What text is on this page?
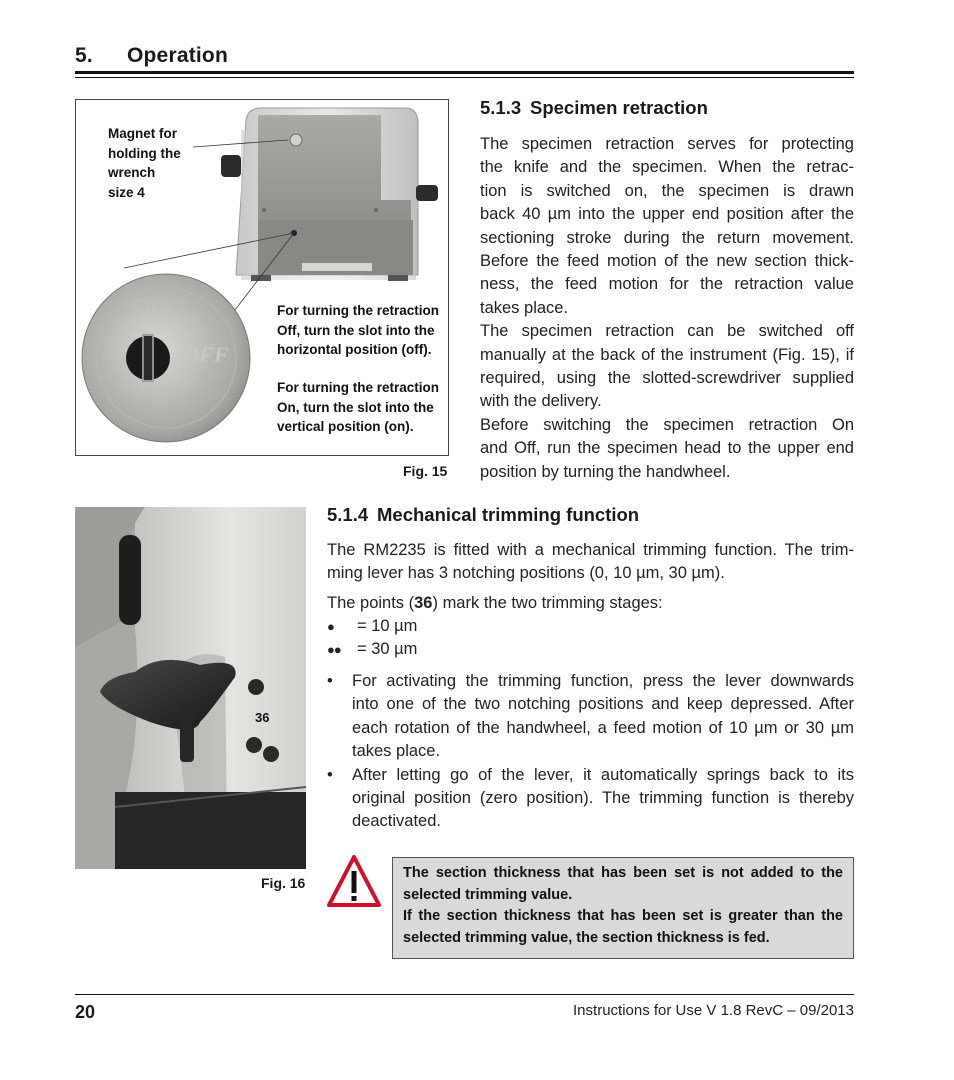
5. Operation
ON
-OFF
Magnet for
holding the
wrench
size 4
For turning the retraction
Off, turn the slot into the
horizontal position (off).
For turning the retraction
On, turn the slot into the
vertical position (on).
Fig. 15
5.1.3 Specimen retraction
The specimen retraction serves for protecting
the knife and the specimen. When the retrac-
tion is switched on, the specimen is drawn
back 40 µm into the upper end position after the
sectioning stroke during the return movement.
Before the feed motion of the new section thick-
ness, the feed motion for the retraction value
takes place.
The specimen retraction can be switched off
manually at the back of the instrument (Fig. 15), if
required, using the slotted-screwdriver supplied
with the delivery.
Before switching the specimen retraction On
and Off, run the specimen head to the upper end
position by turning the handwheel.
36
Fig. 16
5.1.4 Mechanical trimming function
The RM2235 is fitted with a mechanical trimming function. The trim-
ming lever has 3 notching positions (0, 10 µm, 30 µm).
The points (36) mark the two trimming stages:
● = 10 µm
●● = 30 µm
• For activating the trimming function, press the lever downwards
into one of the two notching positions and keep depressed. After
each rotation of the handwheel, a feed motion of 10 µm or 30 µm
takes place.
• After letting go of the lever, it automatically springs back to its
original position (zero position). The trimming function is thereby
deactivated.
The section thickness that has been set is not added to the
selected trimming value.
If the section thickness that has been set is greater than the
selected trimming value, the section thickness is fed.
20	Instructions for Use V 1.8 RevC – 09/2013
